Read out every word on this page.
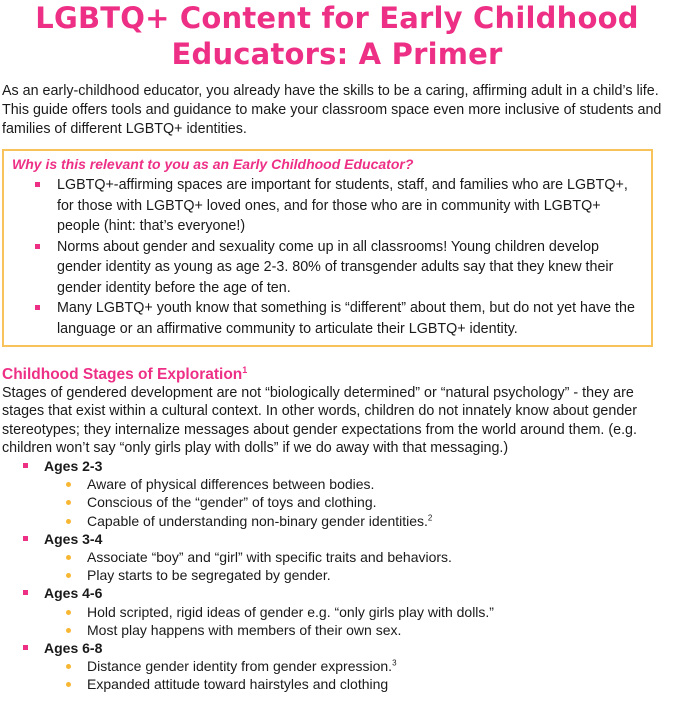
LGBTQ+ Content for Early Childhood
Educators: A Primer

As an early-childhood educator, you already have the skills to be a caring, affirming adult in a child’s life. This guide offers tools and guidance to make your classroom space even more inclusive of students and families of different LGBTQ+ identities.

Why is this relevant to you as an Early Childhood Educator?
LGBTQ+-affirming spaces are important for students, staff, and families who are LGBTQ+, for those with LGBTQ+ loved ones, and for those who are in community with LGBTQ+ people (hint: that’s everyone!)
Norms about gender and sexuality come up in all classrooms! Young children develop gender identity as young as age 2-3. 80% of transgender adults say that they knew their gender identity before the age of ten.
Many LGBTQ+ youth know that something is “different” about them, but do not yet have the language or an affirmative community to articulate their LGBTQ+ identity.
Childhood Stages of Exploration$^1$

Stages of gendered development are not “biologically determined” or “natural psychology” - they are stages that exist within a cultural context. In other words, children do not innately know about gender stereotypes; they internalize messages about gender expectations from the world around them. (e.g. children won’t say “only girls play with dolls” if we do away with that messaging.)

Ages 2-3
Aware of physical differences between bodies.
Conscious of the “gender” of toys and clothing.
Capable of understanding non-binary gender identities.$^2$
Ages 3-4
Associate “boy” and “girl” with specific traits and behaviors.
Play starts to be segregated by gender.
Ages 4-6
Hold scripted, rigid ideas of gender e.g. “only girls play with dolls.”
Most play happens with members of their own sex.
Ages 6-8
Distance gender identity from gender expression.$^3$
Expanded attitude toward hairstyles and clothing
